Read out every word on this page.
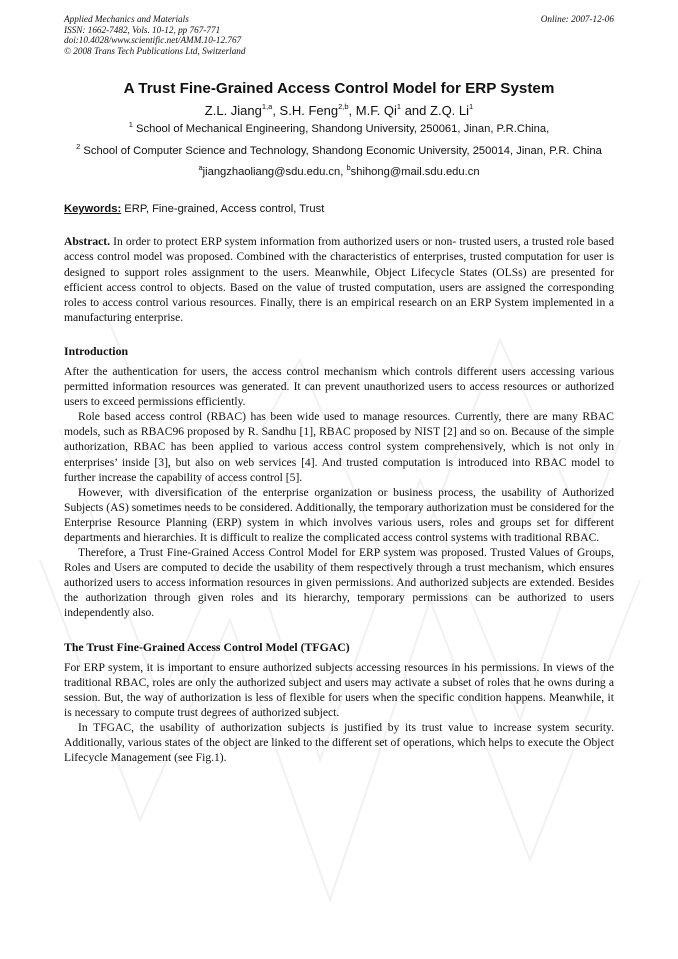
Applied Mechanics and Materials
ISSN: 1662-7482, Vols. 10-12, pp 767-771
doi:10.4028/www.scientific.net/AMM.10-12.767
© 2008 Trans Tech Publications Ltd, Switzerland
Online: 2007-12-06
A Trust Fine-Grained Access Control Model for ERP System
Z.L. Jiang$^{1,a}$, S.H. Feng$^{2,b}$, M.F. Qi$^1$ and Z.Q. Li$^1$
$^1$ School of Mechanical Engineering, Shandong University, 250061, Jinan, P.R.China,
$^2$ School of Computer Science and Technology, Shandong Economic University, 250014, Jinan, P.R. China
$^a$jiangzhaoliang@sdu.edu.cn, $^b$shihong@mail.sdu.edu.cn
Keywords: ERP, Fine-grained, Access control, Trust

Abstract. In order to protect ERP system information from authorized users or non- trusted users, a trusted role based access control model was proposed. Combined with the characteristics of enterprises, trusted computation for user is designed to support roles assignment to the users. Meanwhile, Object Lifecycle States (OLSs) are presented for efficient access control to objects. Based on the value of trusted computation, users are assigned the corresponding roles to access control various resources. Finally, there is an empirical research on an ERP System implemented in a manufacturing enterprise.

Introduction

After the authentication for users, the access control mechanism which controls different users accessing various permitted information resources was generated. It can prevent unauthorized users to access resources or authorized users to exceed permissions efficiently.

Role based access control (RBAC) has been wide used to manage resources. Currently, there are many RBAC models, such as RBAC96 proposed by R. Sandhu [1], RBAC proposed by NIST [2] and so on. Because of the simple authorization, RBAC has been applied to various access control system comprehensively, which is not only in enterprises’ inside [3], but also on web services [4]. And trusted computation is introduced into RBAC model to further increase the capability of access control [5].

However, with diversification of the enterprise organization or business process, the usability of Authorized Subjects (AS) sometimes needs to be considered. Additionally, the temporary authorization must be considered for the Enterprise Resource Planning (ERP) system in which involves various users, roles and groups set for different departments and hierarchies. It is difficult to realize the complicated access control systems with traditional RBAC.

Therefore, a Trust Fine-Grained Access Control Model for ERP system was proposed. Trusted Values of Groups, Roles and Users are computed to decide the usability of them respectively through a trust mechanism, which ensures authorized users to access information resources in given permissions. And authorized subjects are extended. Besides the authorization through given roles and its hierarchy, temporary permissions can be authorized to users independently also.

The Trust Fine-Grained Access Control Model (TFGAC)

For ERP system, it is important to ensure authorized subjects accessing resources in his permissions. In views of the traditional RBAC, roles are only the authorized subject and users may activate a subset of roles that he owns during a session. But, the way of authorization is less of flexible for users when the specific condition happens. Meanwhile, it is necessary to compute trust degrees of authorized subject.

In TFGAC, the usability of authorization subjects is justified by its trust value to increase system security. Additionally, various states of the object are linked to the different set of operations, which helps to execute the Object Lifecycle Management (see Fig.1).
